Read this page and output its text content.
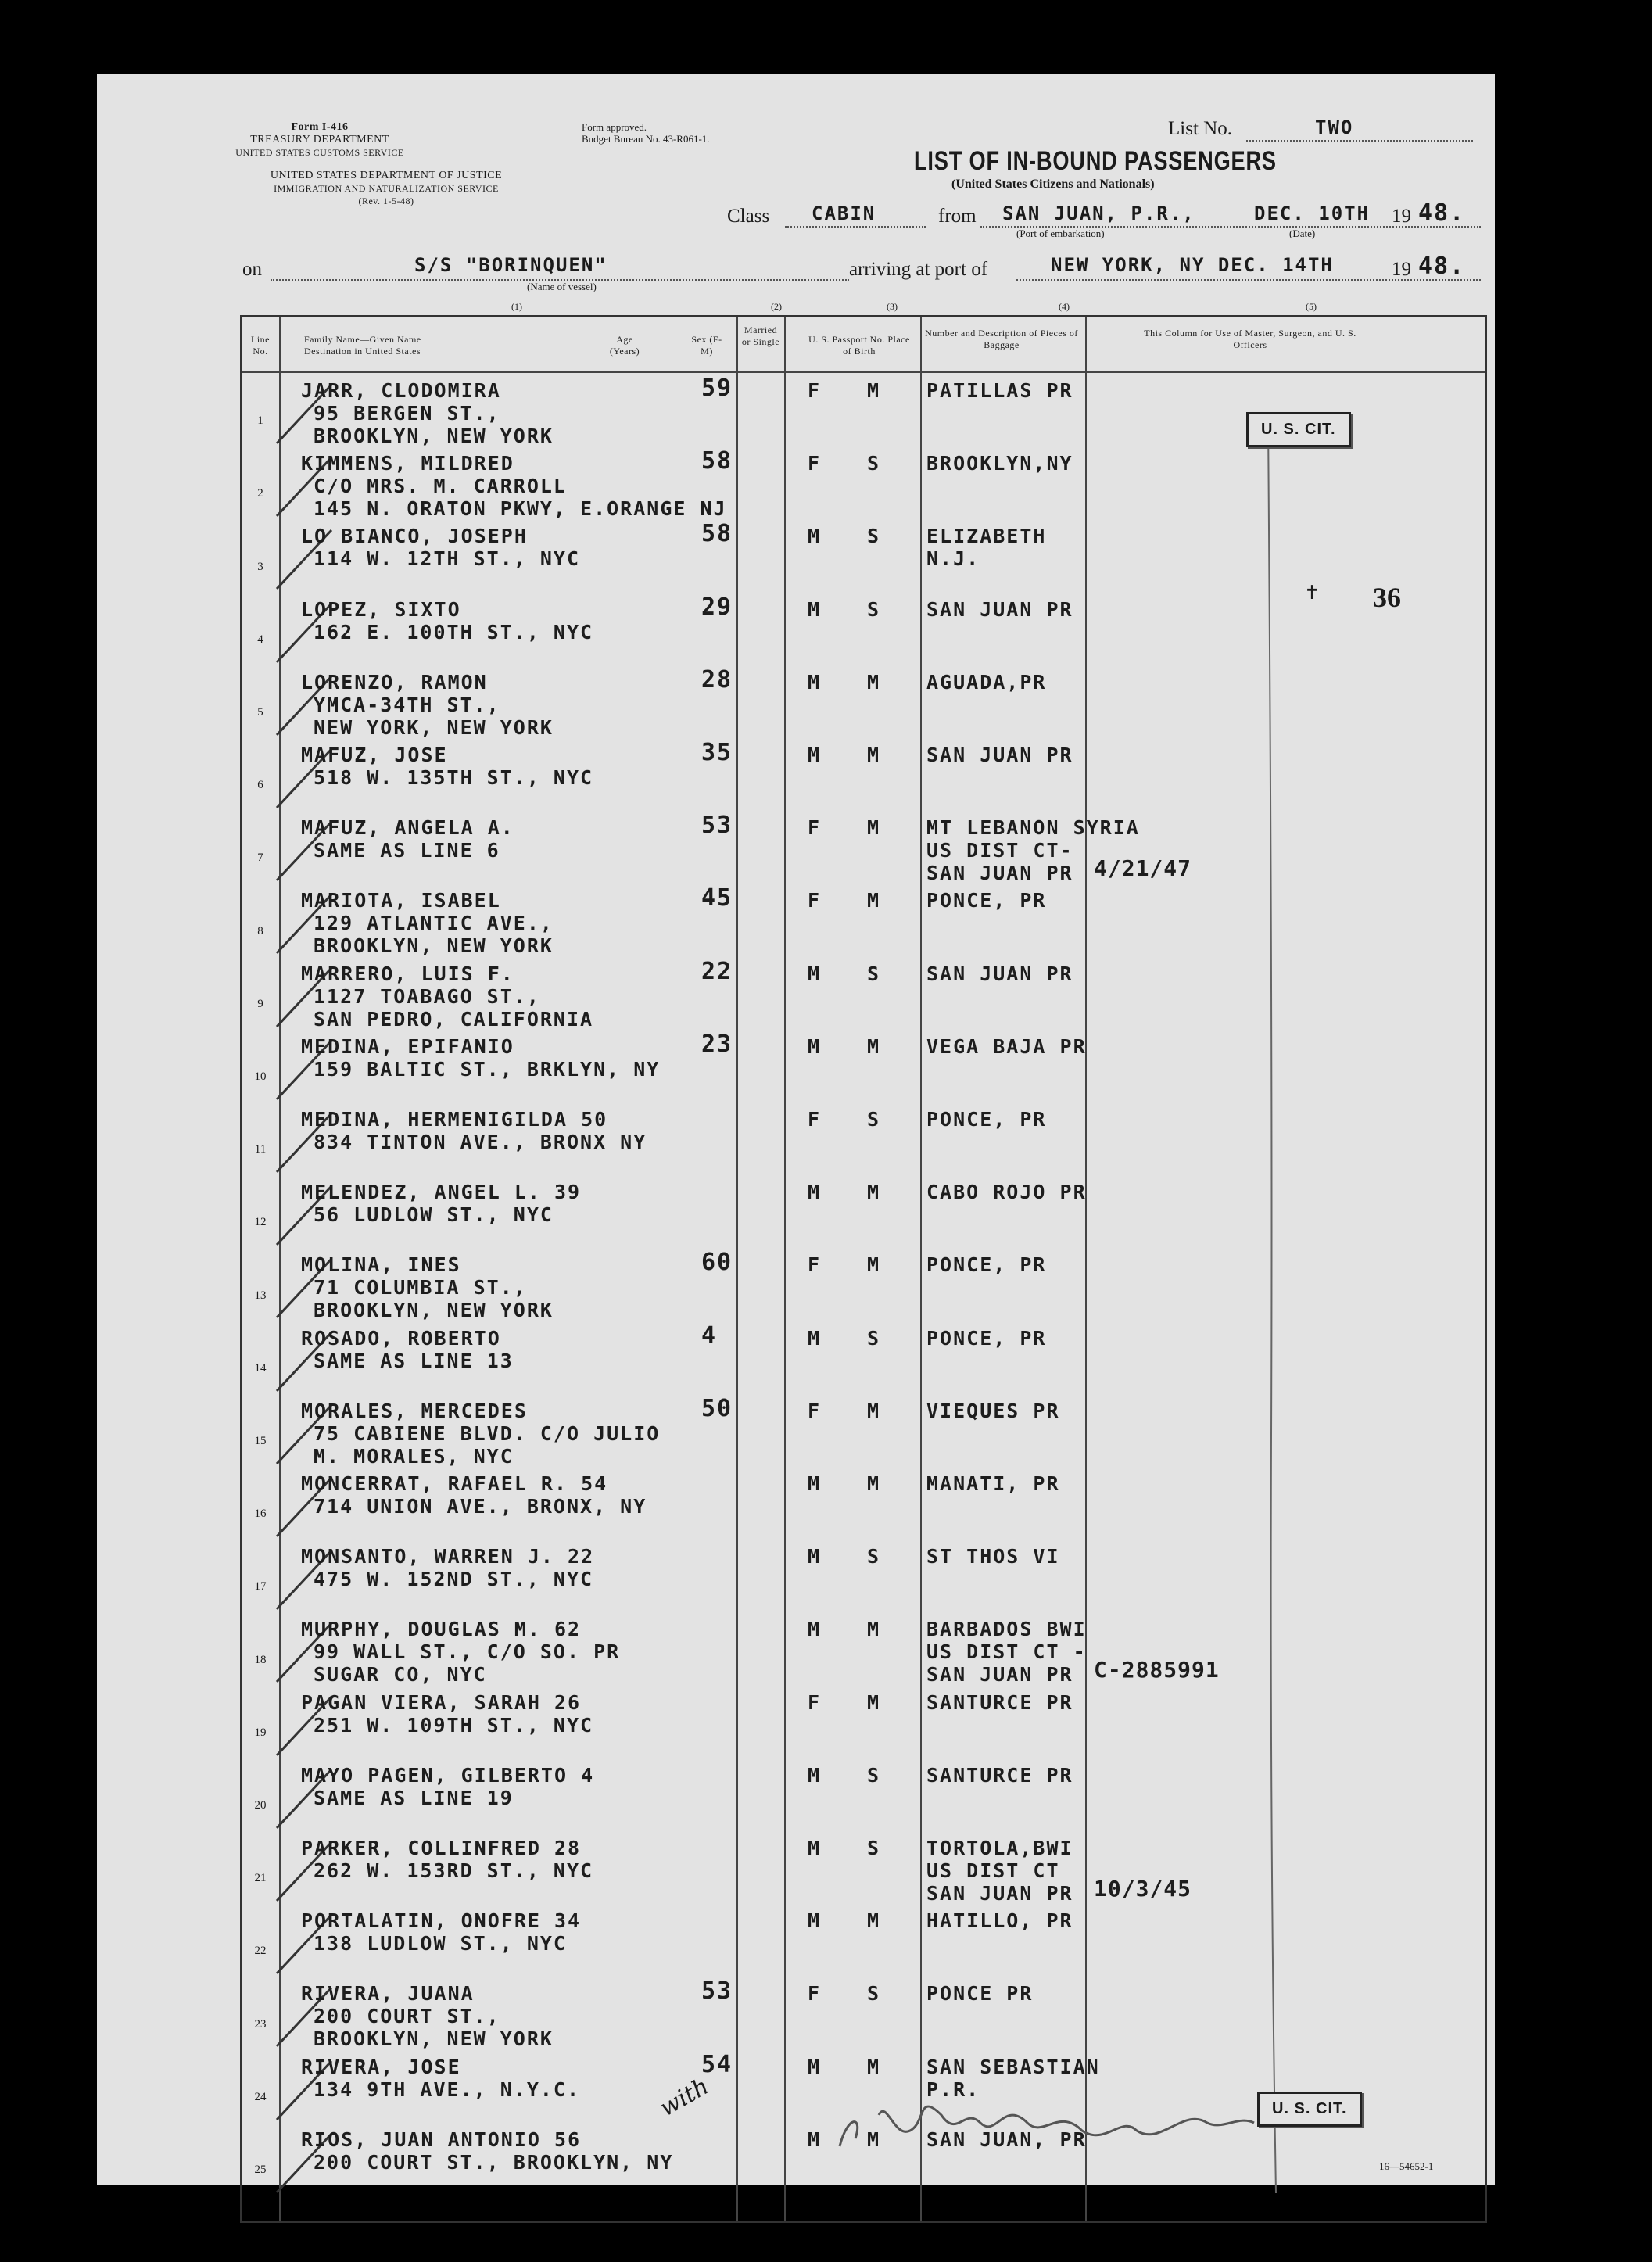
Form I-416
TREASURY DEPARTMENT
UNITED STATES CUSTOMS SERVICE
UNITED STATES DEPARTMENT OF JUSTICE
IMMIGRATION AND NATURALIZATION SERVICE
(Rev. 1-5-48)
Form approved.
Budget Bureau No. 43-R061-1.	List No.	TWO
LIST OF IN-BOUND PASSENGERS
(United States Citizens and Nationals)
Class CABIN	from SAN JUAN, P.R.,
(Port of embarkation)
DEC. 10TH
(Date)
19 48.
on	S/S "BORINQUEN"
(Name of vessel)
arriving at port of	NEW YORK, NY DEC. 14TH	19 48.
(1)	(2)	(3)	(4)	(5)
Line No.
Family Name—Given Name Destination in United States
Age (Years)
Sex (F-M)
Married or Single	U. S. Passport No. Place of Birth
Number and Description of Pieces of Baggage
This Column for Use of Master, Surgeon, and U. S. Officers
1
JARR, CLODOMIRA
95 BERGEN ST.,
BROOKLYN, NEW YORK
59	F M PATILLAS PR
2
KIMMENS, MILDRED
C/O MRS. M. CARROLL
145 N. ORATON PKWY, E.ORANGE NJ
58	F S BROOKLYN,NY
3
LO BIANCO, JOSEPH
114 W. 12TH ST., NYC
58	M S ELIZABETH
N.J.
4
LOPEZ, SIXTO
162 E. 100TH ST., NYC
29	M S SAN JUAN PR
5
LORENZO, RAMON
YMCA-34TH ST.,
NEW YORK, NEW YORK
28	M M AGUADA,PR
6
MAFUZ, JOSE
518 W. 135TH ST., NYC
35	M M SAN JUAN PR
7
MAFUZ, ANGELA A.
SAME AS LINE 6
53	F M MT LEBANON SYRIA
US DIST CT-
SAN JUAN PR 4/21/47
8
MARIOTA, ISABEL
129 ATLANTIC AVE.,
BROOKLYN, NEW YORK
45	F M PONCE, PR
9
MARRERO, LUIS F.
1127 TOABAGO ST.,
SAN PEDRO, CALIFORNIA
22	M S SAN JUAN PR
10
MEDINA, EPIFANIO
159 BALTIC ST., BRKLYN, NY
23	M M VEGA BAJA PR
11
MEDINA, HERMENIGILDA 50
834 TINTON AVE., BRONX NY
F S PONCE, PR
12
MELENDEZ, ANGEL L. 39
56 LUDLOW ST., NYC
M M CABO ROJO PR
13
MOLINA, INES
71 COLUMBIA ST.,
BROOKLYN, NEW YORK
60	F M PONCE, PR
14
ROSADO, ROBERTO
SAME AS LINE 13
4	M S PONCE, PR
15
MORALES, MERCEDES
75 CABIENE BLVD. C/O JULIO
M. MORALES, NYC
50	F M VIEQUES PR
16
MONCERRAT, RAFAEL R. 54
714 UNION AVE., BRONX, NY
M M MANATI, PR
17
MONSANTO, WARREN J. 22
475 W. 152ND ST., NYC
M S ST THOS VI
18
MURPHY, DOUGLAS M. 62
99 WALL ST., C/O SO. PR
SUGAR CO, NYC
M M BARBADOS BWI
US DIST CT -
SAN JUAN PR C-2885991
19
PAGAN VIERA, SARAH 26
251 W. 109TH ST., NYC
F M SANTURCE PR
20
MAYO PAGEN, GILBERTO 4
SAME AS LINE 19
M S SANTURCE PR
21
PARKER, COLLINFRED 28
262 W. 153RD ST., NYC
M S TORTOLA,BWI
US DIST CT
SAN JUAN PR 10/3/45
22
PORTALATIN, ONOFRE 34
138 LUDLOW ST., NYC
M M HATILLO, PR
23
RIVERA, JUANA
200 COURT ST.,
BROOKLYN, NEW YORK
53	F S PONCE PR
24
RIVERA, JOSE
134 9TH AVE., N.Y.C.
54	M M SAN SEBASTIAN
P.R.
25
RIOS, JUAN ANTONIO 56
200 COURT ST., BROOKLYN, NY
M M SAN JUAN, PR
U. S. CIT.
U. S. CIT.
36
✝
with
16—54652-1
